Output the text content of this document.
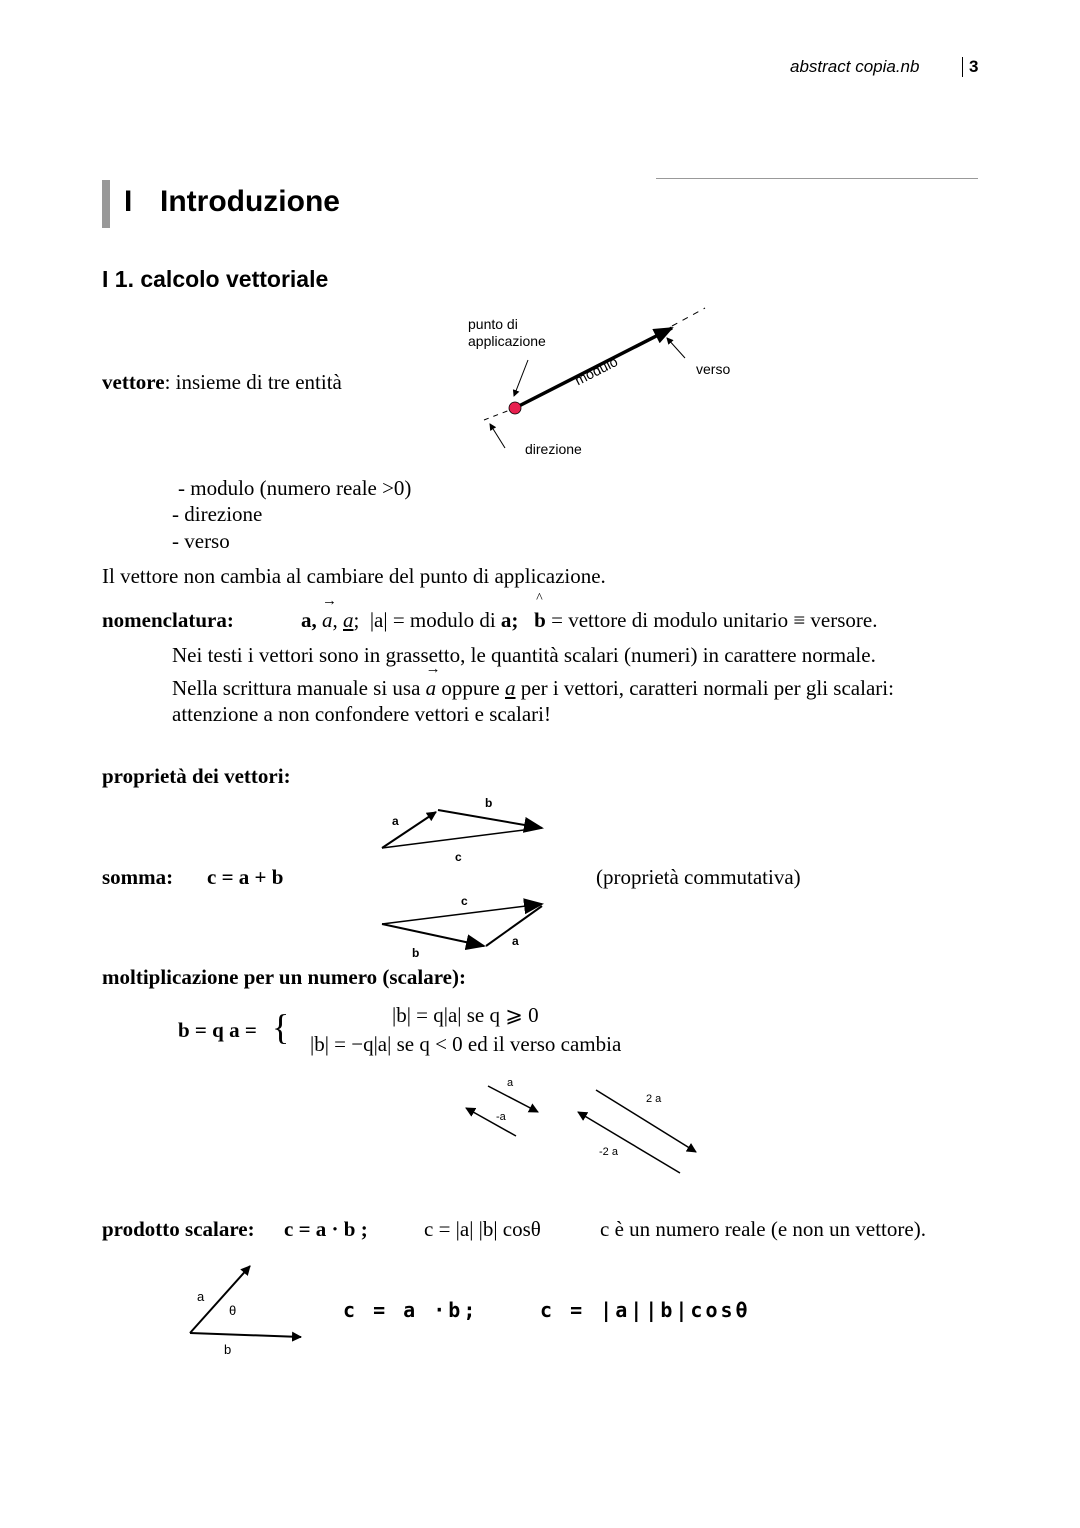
abstract copia.nb	3
I Introduzione
I 1. calcolo vettoriale
vettore: insieme di tre entità
punto di
applicazione
modulo	verso
direzione
- modulo (numero reale >0)
- direzione
- verso
Il vettore non cambia al cambiare del punto di applicazione.
nomenclatura:	a, → a, a; |a| = modulo di a; ^ b = vettore di modulo unitario ≡ versore.
Nei testi i vettori sono in grassetto, le quantità scalari (numeri) in carattere normale.
Nella scrittura manuale si usa → a oppure a per i vettori, caratteri normali per gli scalari:
attenzione a non confondere vettori e scalari!
proprietà dei vettori:
a
b
c
somma: c = a + b	(proprietà commutativa)
c
a
b
moltiplicazione per un numero (scalare):
b = q a = {	|b| = q|a| se q ⩾ 0
|b| = −q|a| se q < 0 ed il verso cambia
a
-a
2 a
-2 a
prodotto scalare: c = a · b ;	c = |a| |b| cosθ	c è un numero reale (e non un vettore).
a
θ
b
c = a ·b;	c = |a||b|cosθ
